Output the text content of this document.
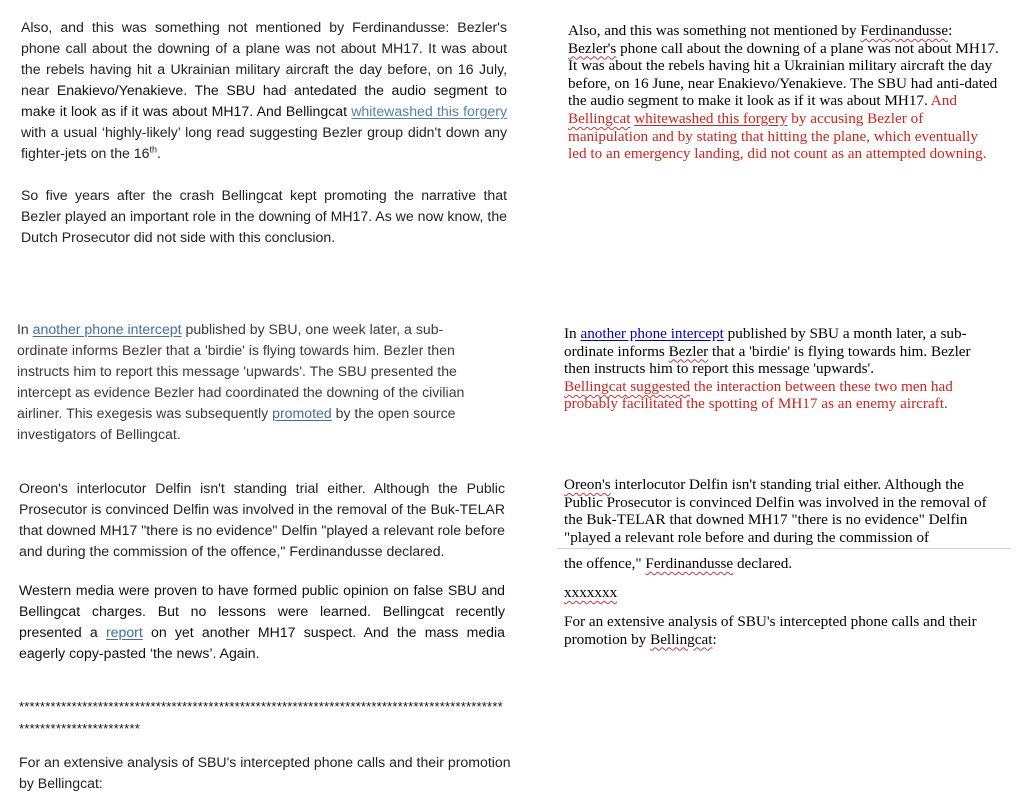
Also, and this was something not mentioned by Ferdinandusse: Bezler's phone call about the downing of a plane was not about MH17. It was about the rebels having hit a Ukrainian military aircraft the day before, on 16 July, near Enakievo/Yenakieve. The SBU had antedated the audio segment to make it look as if it was about MH17. And Bellingcat whitewashed this forgery with a usual ‘highly-likely’ long read suggesting Bezler group didn't down any fighter-jets on the 16th.
So five years after the crash Bellingcat kept promoting the narrative that Bezler played an important role in the downing of MH17. As we now know, the Dutch Prosecutor did not side with this conclusion.
In another phone intercept published by SBU, one week later, a sub-ordinate informs Bezler that a 'birdie' is flying towards him. Bezler then instructs him to report this message 'upwards'. The SBU presented the intercept as evidence Bezler had coordinated the downing of the civilian airliner. This exegesis was subsequently promoted by the open source investigators of Bellingcat.
Oreon's interlocutor Delfin isn't standing trial either. Although the Public Prosecutor is convinced Delfin was involved in the removal of the Buk-TELAR that downed MH17 "there is no evidence" Delfin "played a relevant role before and during the commission of the offence," Ferdinandusse declared.
Western media were proven to have formed public opinion on false SBU and Bellingcat charges. But no lessons were learned. Bellingcat recently presented a report on yet another MH17 suspect. And the mass media eagerly copy-pasted ‘the news’. Again.
*******************************************************************************************************************
For an extensive analysis of SBU's intercepted phone calls and their promotion by Bellingcat:
Also, and this was something not mentioned by Ferdinandusse: Bezler's phone call about the downing of a plane was not about MH17. It was about the rebels having hit a Ukrainian military aircraft the day before, on 16 June, near Enakievo/Yenakieve. The SBU had anti-dated the audio segment to make it look as if it was about MH17. And Bellingcat whitewashed this forgery by accusing Bezler of manipulation and by stating that hitting the plane, which eventually led to an emergency landing, did not count as an attempted downing.
In another phone intercept published by SBU a month later, a sub-ordinate informs Bezler that a 'birdie' is flying towards him. Bezler then instructs him to report this message 'upwards'.
Bellingcat suggested the interaction between these two men had probably facilitated the spotting of MH17 as an enemy aircraft.
Oreon's interlocutor Delfin isn't standing trial either. Although the Public Prosecutor is convinced Delfin was involved in the removal of the Buk-TELAR that downed MH17 "there is no evidence" Delfin "played a relevant role before and during the commission of
the offence," Ferdinandusse declared.
xxxxxxx
For an extensive analysis of SBU's intercepted phone calls and their promotion by Bellingcat:
